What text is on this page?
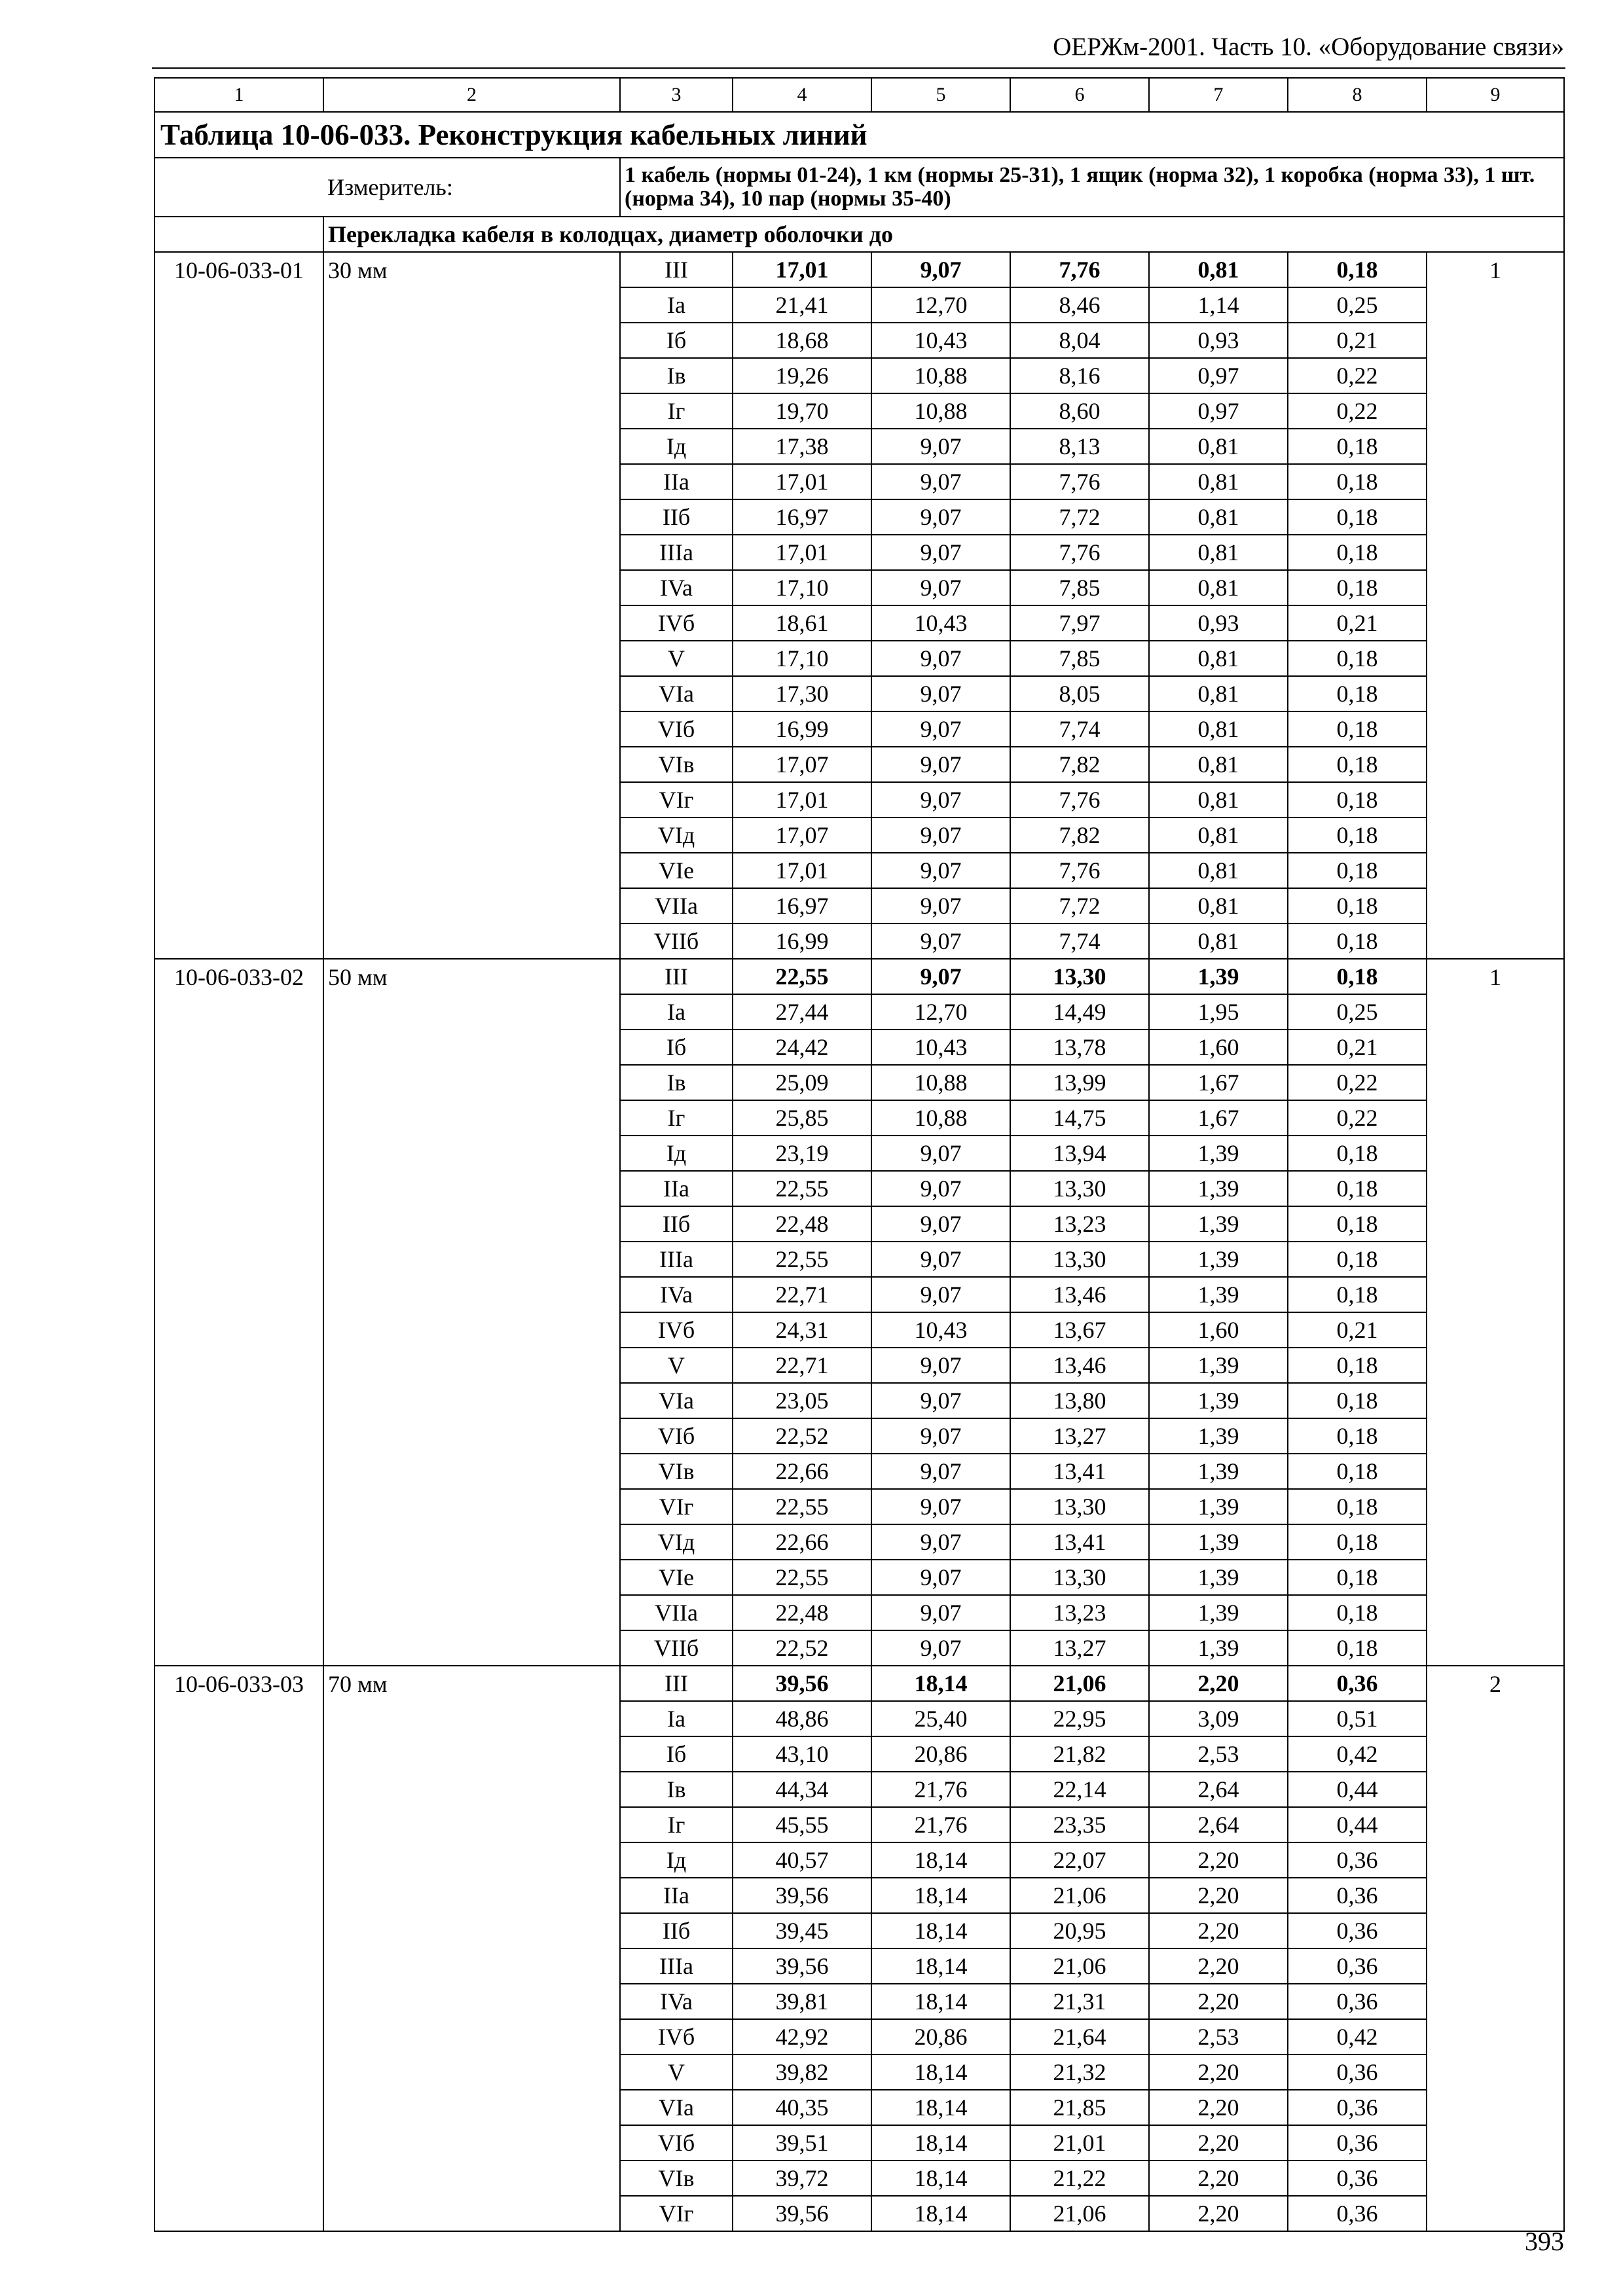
ОЕРЖм-2001. Часть 10. «Оборудование связи»
1	2	3	4	5	6	7	8	9
Таблица 10-06-033. Реконструкция кабельных линий								
	Измеритель:	1 кабель (нормы 01-24), 1 км (нормы 25-31), 1 ящик (норма 32), 1 коробка (норма 33), 1 шт. (норма 34), 10 пар (нормы 35-40)						
	Перекладка кабеля в колодцах, диаметр оболочки до							
10-06-033-01	30 мм	III	17,01	9,07	7,76	0,81	0,18	1
		Ia	21,41	12,70	8,46	1,14	0,25	
		Iб	18,68	10,43	8,04	0,93	0,21	
		Iв	19,26	10,88	8,16	0,97	0,22	
		Iг	19,70	10,88	8,60	0,97	0,22	
		Iд	17,38	9,07	8,13	0,81	0,18	
		IIa	17,01	9,07	7,76	0,81	0,18	
		IIб	16,97	9,07	7,72	0,81	0,18	
		IIIa	17,01	9,07	7,76	0,81	0,18	
		IVa	17,10	9,07	7,85	0,81	0,18	
		IVб	18,61	10,43	7,97	0,93	0,21	
		V	17,10	9,07	7,85	0,81	0,18	
		VIa	17,30	9,07	8,05	0,81	0,18	
		VIб	16,99	9,07	7,74	0,81	0,18	
		VIв	17,07	9,07	7,82	0,81	0,18	
		VIг	17,01	9,07	7,76	0,81	0,18	
		VIд	17,07	9,07	7,82	0,81	0,18	
		VIe	17,01	9,07	7,76	0,81	0,18	
		VIIa	16,97	9,07	7,72	0,81	0,18	
		VIIб	16,99	9,07	7,74	0,81	0,18	
10-06-033-02	50 мм	III	22,55	9,07	13,30	1,39	0,18	1
		Ia	27,44	12,70	14,49	1,95	0,25	
		Iб	24,42	10,43	13,78	1,60	0,21	
		Iв	25,09	10,88	13,99	1,67	0,22	
		Iг	25,85	10,88	14,75	1,67	0,22	
		Iд	23,19	9,07	13,94	1,39	0,18	
		IIa	22,55	9,07	13,30	1,39	0,18	
		IIб	22,48	9,07	13,23	1,39	0,18	
		IIIa	22,55	9,07	13,30	1,39	0,18	
		IVa	22,71	9,07	13,46	1,39	0,18	
		IVб	24,31	10,43	13,67	1,60	0,21	
		V	22,71	9,07	13,46	1,39	0,18	
		VIa	23,05	9,07	13,80	1,39	0,18	
		VIб	22,52	9,07	13,27	1,39	0,18	
		VIв	22,66	9,07	13,41	1,39	0,18	
		VIг	22,55	9,07	13,30	1,39	0,18	
		VIд	22,66	9,07	13,41	1,39	0,18	
		VIe	22,55	9,07	13,30	1,39	0,18	
		VIIa	22,48	9,07	13,23	1,39	0,18	
		VIIб	22,52	9,07	13,27	1,39	0,18	
10-06-033-03	70 мм	III	39,56	18,14	21,06	2,20	0,36	2
		Ia	48,86	25,40	22,95	3,09	0,51	
		Iб	43,10	20,86	21,82	2,53	0,42	
		Iв	44,34	21,76	22,14	2,64	0,44	
		Iг	45,55	21,76	23,35	2,64	0,44	
		Iд	40,57	18,14	22,07	2,20	0,36	
		IIa	39,56	18,14	21,06	2,20	0,36	
		IIб	39,45	18,14	20,95	2,20	0,36	
		IIIa	39,56	18,14	21,06	2,20	0,36	
		IVa	39,81	18,14	21,31	2,20	0,36	
		IVб	42,92	20,86	21,64	2,53	0,42	
		V	39,82	18,14	21,32	2,20	0,36	
		VIa	40,35	18,14	21,85	2,20	0,36	
		VIб	39,51	18,14	21,01	2,20	0,36	
		VIв	39,72	18,14	21,22	2,20	0,36	
		VIг	39,56	18,14	21,06	2,20	0,36	
393
